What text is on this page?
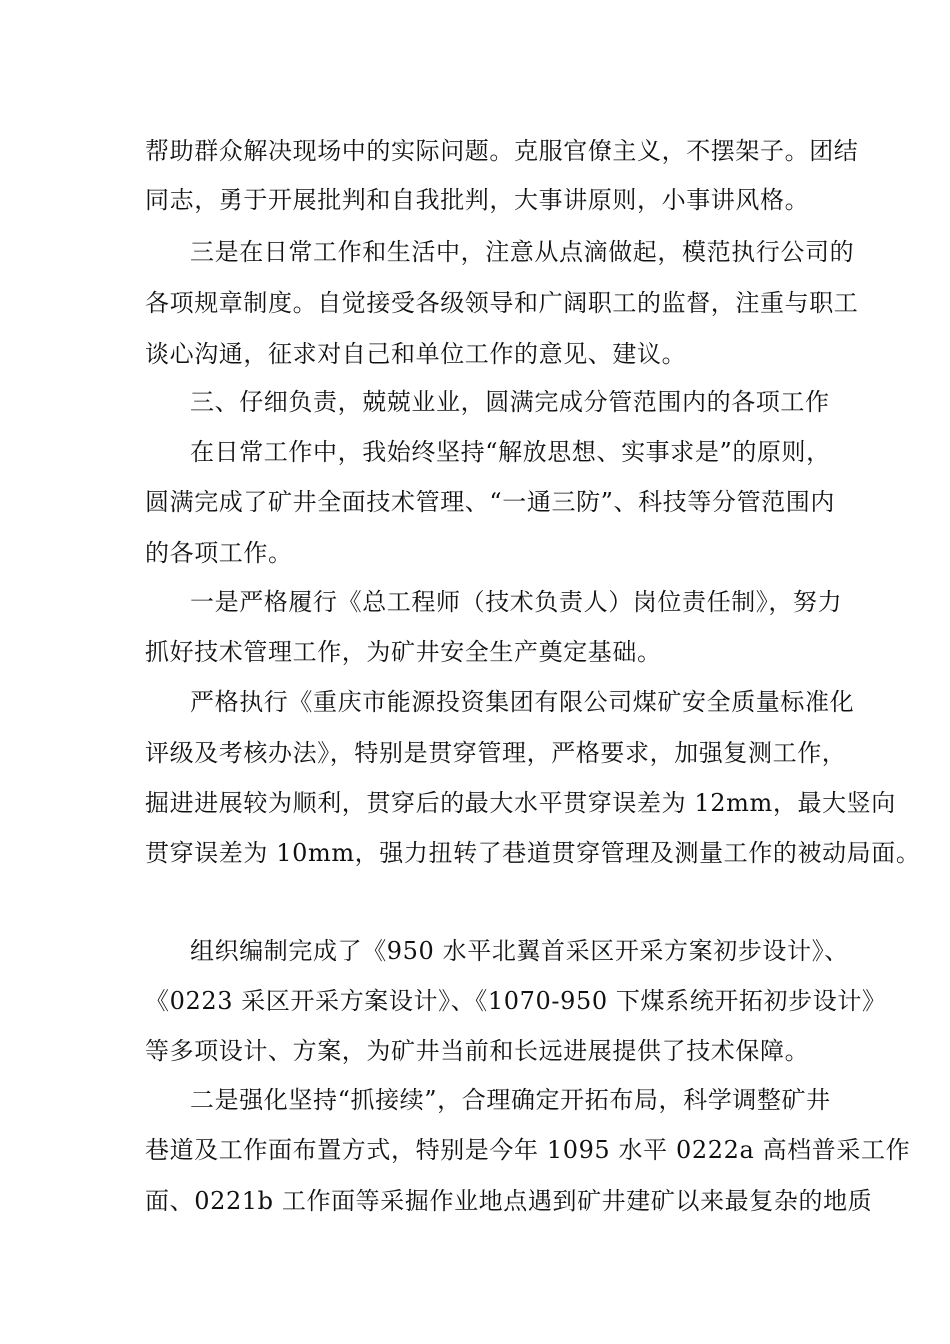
帮助群众解决现场中的实际问题。克服官僚主义，不摆架子。团结
同志，勇于开展批判和自我批判，大事讲原则，小事讲风格。
三是在日常工作和生活中，注意从点滴做起，模范执行公司的
各项规章制度。自觉接受各级领导和广阔职工的监督，注重与职工
谈心沟通，征求对自己和单位工作的意见、建议。
三、仔细负责，兢兢业业，圆满完成分管范围内的各项工作
在日常工作中，我始终坚持“解放思想、实事求是”的原则，
圆满完成了矿井全面技术管理、“一通三防”、科技等分管范围内
的各项工作。
一是严格履行《总工程师（技术负责人）岗位责任制》，努力
抓好技术管理工作，为矿井安全生产奠定基础。
严格执行《重庆市能源投资集团有限公司煤矿安全质量标准化
评级及考核办法》，特别是贯穿管理，严格要求，加强复测工作，
掘进进展较为顺利，贯穿后的最大水平贯穿误差为 12mm，最大竖向
贯穿误差为 10mm，强力扭转了巷道贯穿管理及测量工作的被动局面。
组织编制完成了《950 水平北翼首采区开采方案初步设计》、
《0223 采区开采方案设计》、《1070-950 下煤系统开拓初步设计》
等多项设计、方案，为矿井当前和长远进展提供了技术保障。
二是强化坚持“抓接续”，合理确定开拓布局，科学调整矿井
巷道及工作面布置方式，特别是今年 1095 水平 0222a 高档普采工作
面、0221b 工作面等采掘作业地点遇到矿井建矿以来最复杂的地质
